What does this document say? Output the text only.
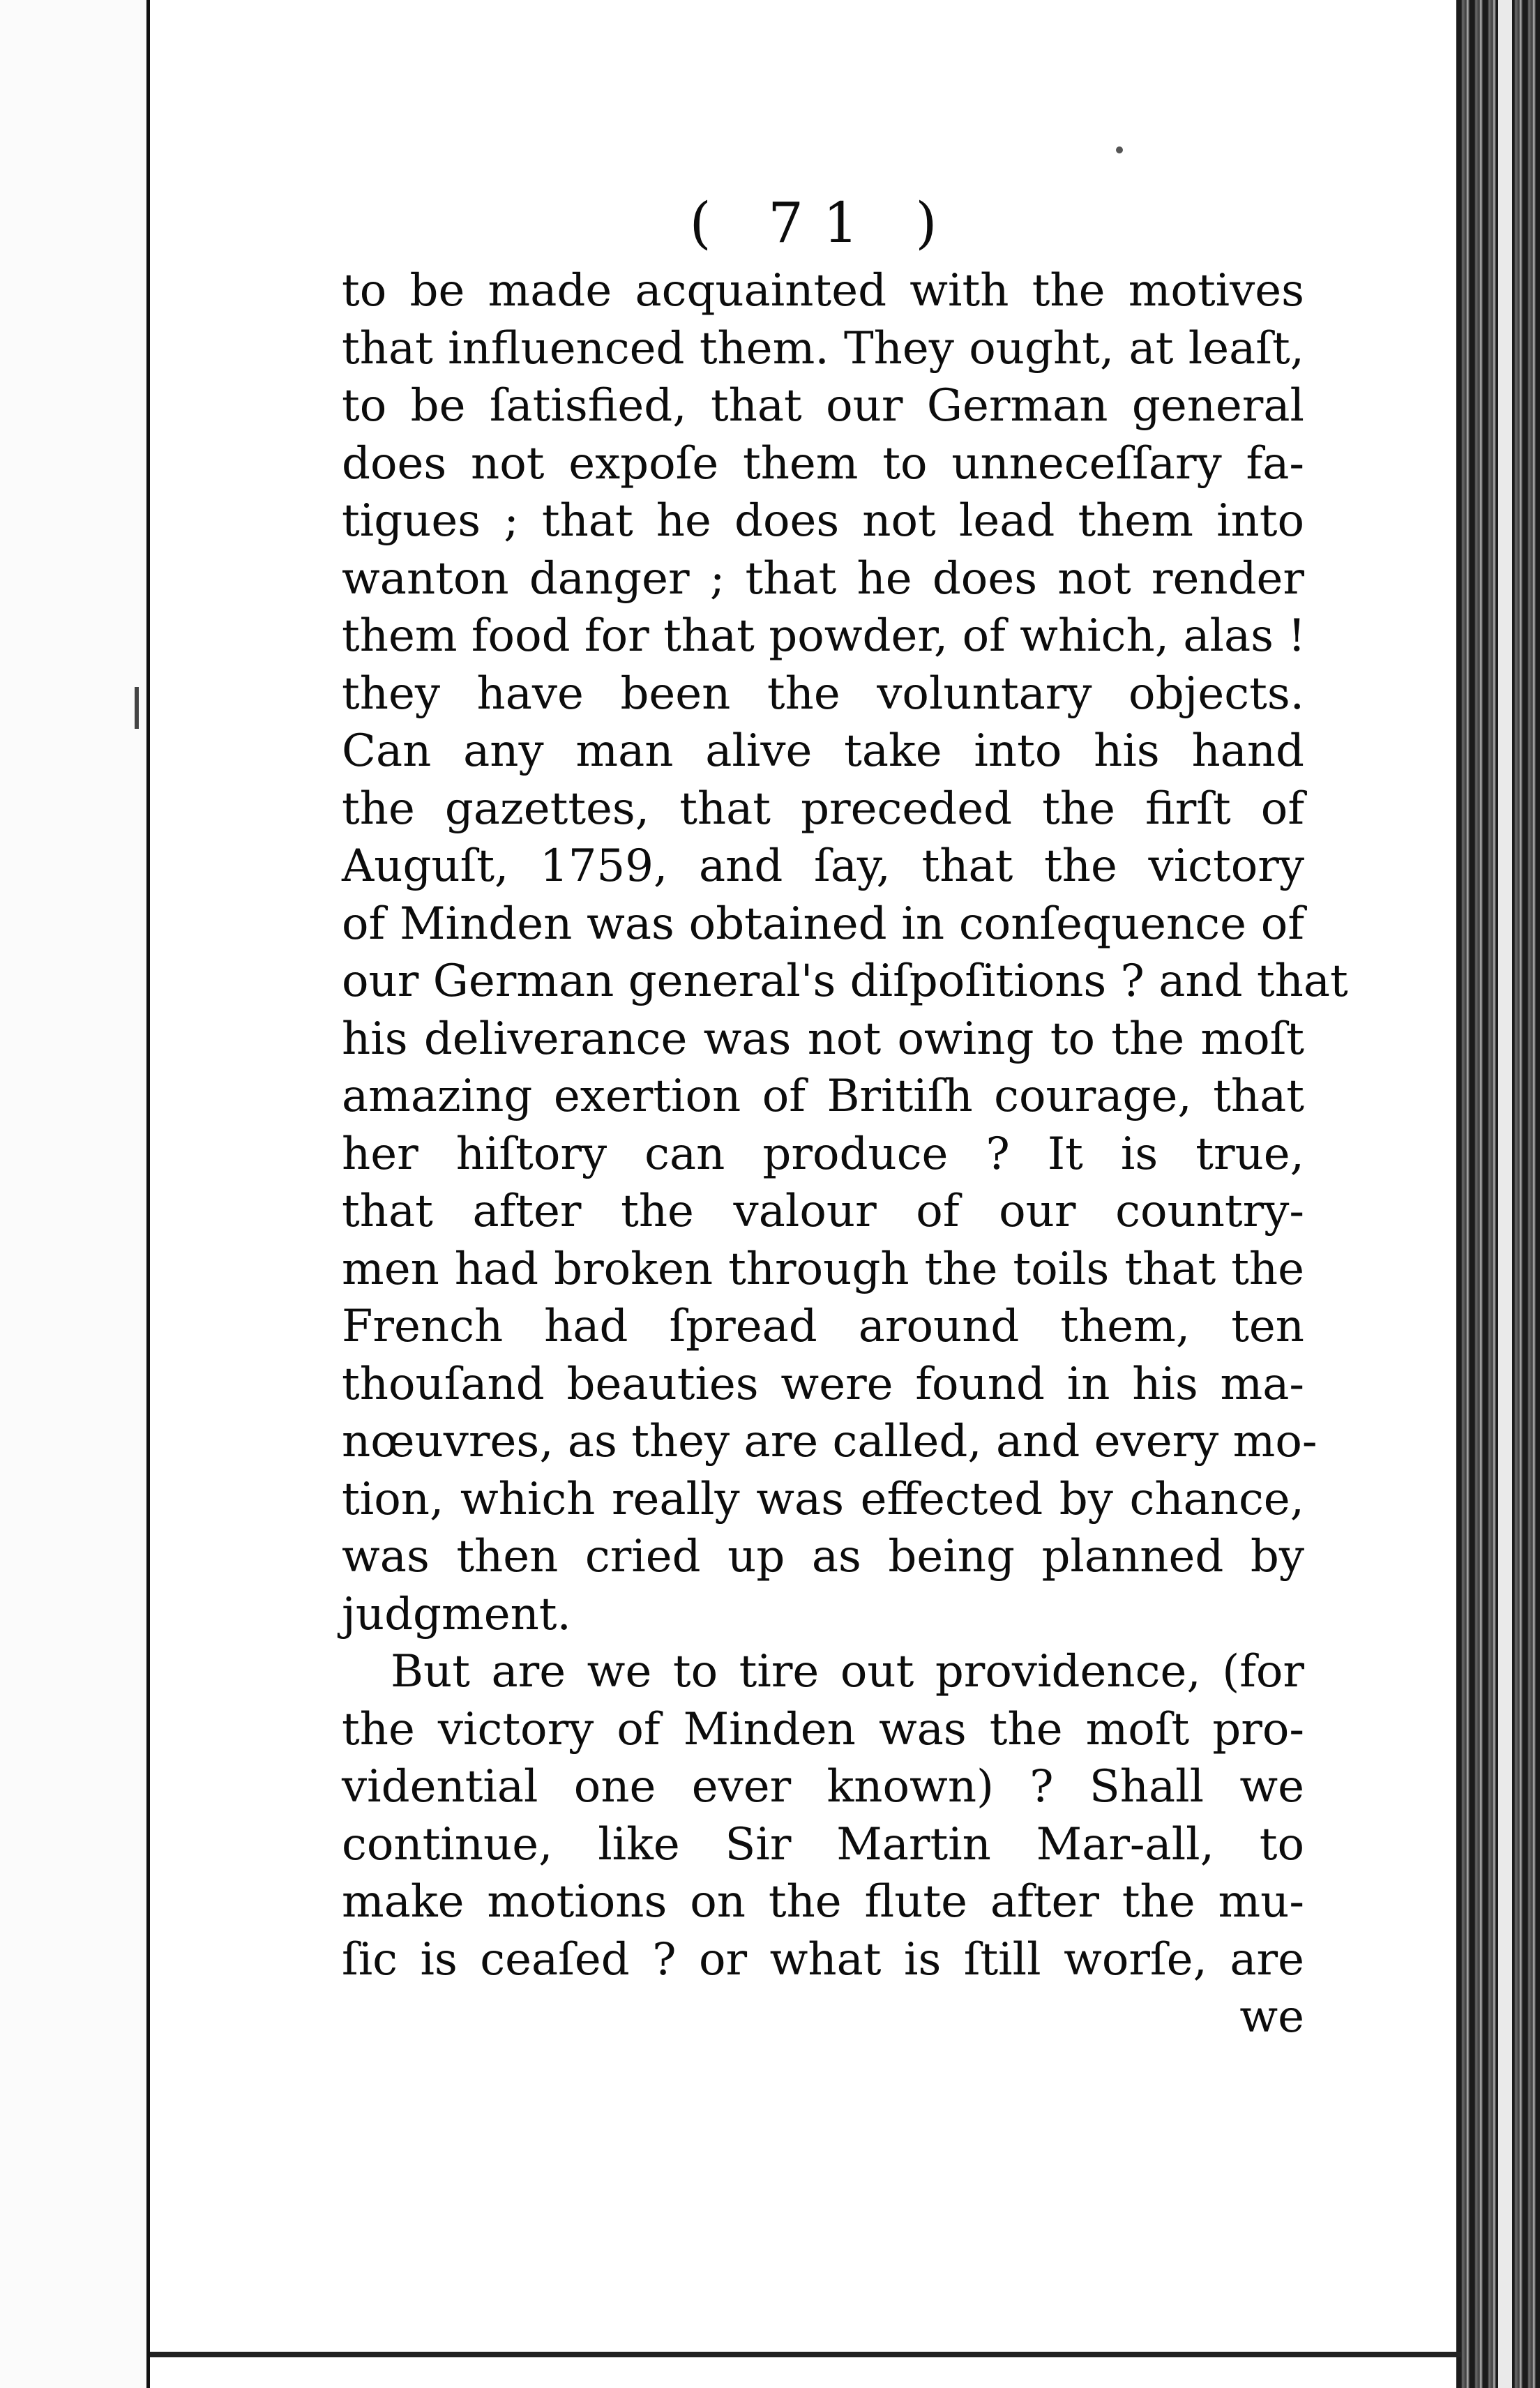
( 71 )
to be made acquainted with the motives
that influenced them. They ought, at leaſt,
to be ſatisfied, that our German general
does not expoſe them to unneceſſary fa-
tigues ; that he does not lead them into
wanton danger ; that he does not render
them food for that powder, of which, alas !
they have been the voluntary objects.
Can any man alive take into his hand
the gazettes, that preceded the firſt of
Auguſt, 1759, and ſay, that the victory
of Minden was obtained in conſequence of
our German general's diſpoſitions ? and that
his deliverance was not owing to the moſt
amazing exertion of Britiſh courage, that
her hiſtory can produce ? It is true,
that after the valour of our country-
men had broken through the toils that the
French had ſpread around them, ten
thouſand beauties were found in his ma-
nœuvres, as they are called, and every mo-
tion, which really was effected by chance,
was then cried up as being planned by
judgment.
But are we to tire out providence, (for
the victory of Minden was the moſt pro-
vidential one ever known) ? Shall we
continue, like Sir Martin Mar-all, to
make motions on the flute after the mu-
ſic is ceaſed ? or what is ſtill worſe, are
we
